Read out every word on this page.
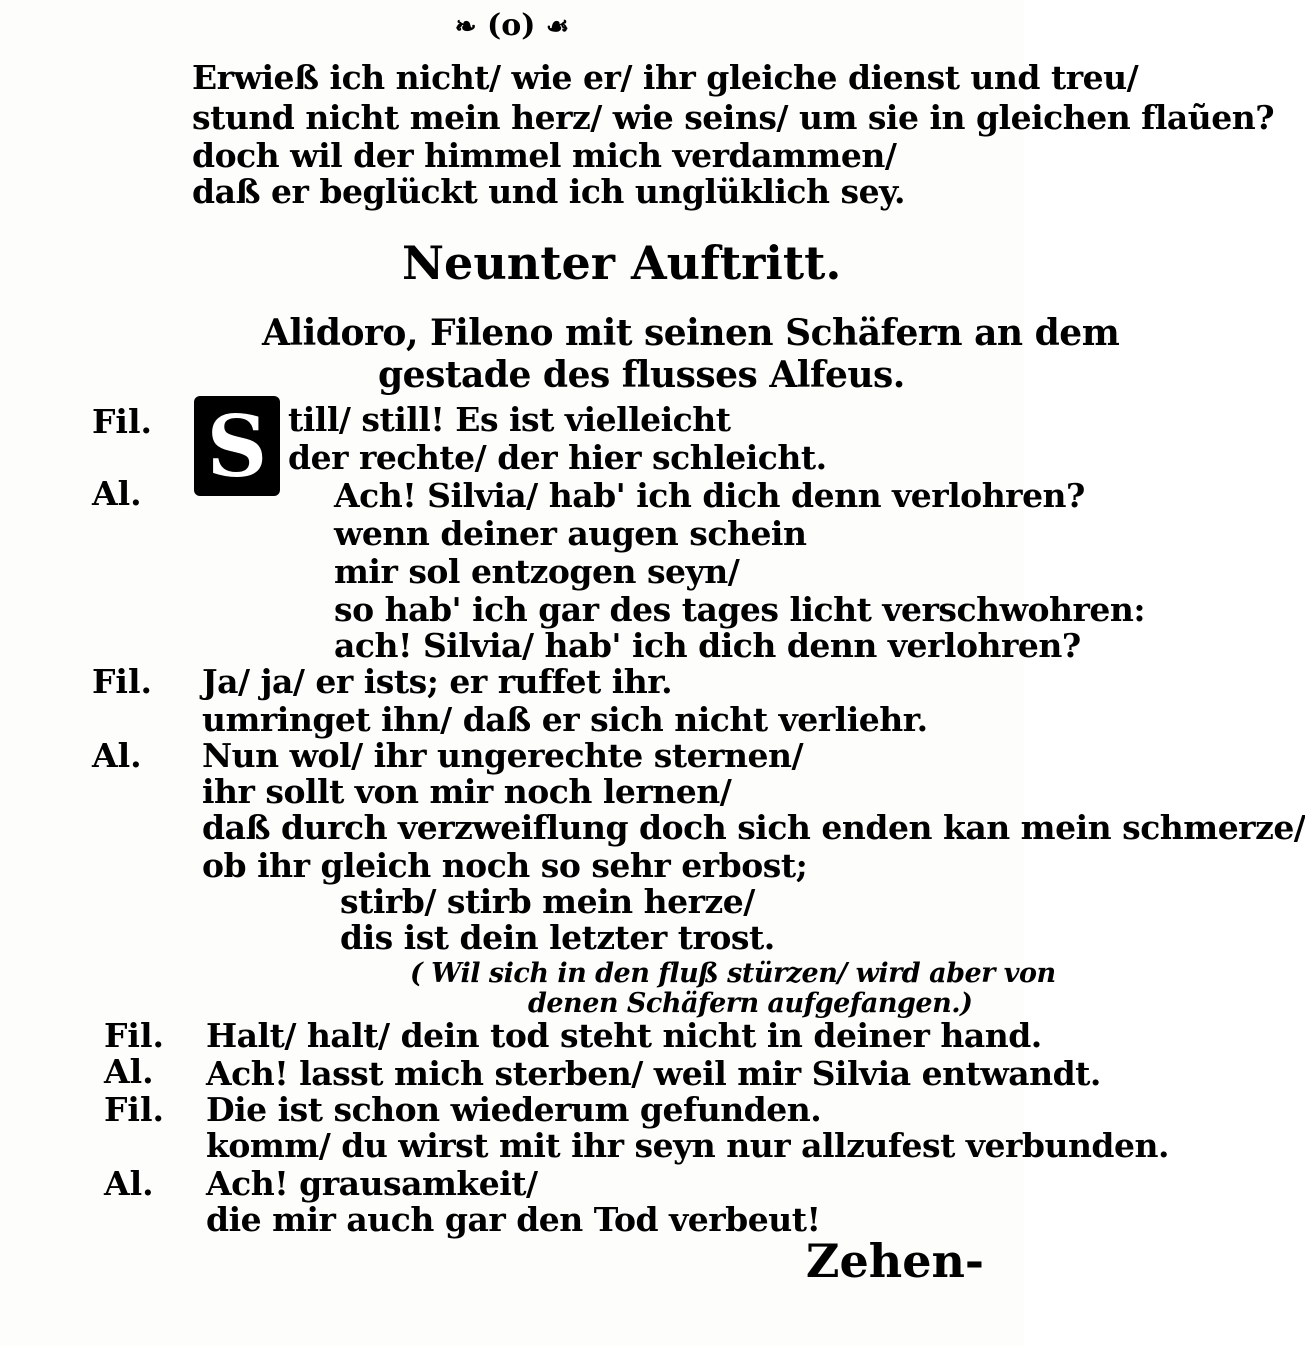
❧ (o) ☙
Erwieß ich nicht/ wie er/ ihr gleiche dienst und treu/
stund nicht mein herz/ wie seins/ um sie in gleichen flaũen?
doch wil der himmel mich verdammen/
daß er beglückt und ich unglüklich sey.
Neunter Auftritt.
Alidoro, Fileno mit seinen Schäfern an dem
gestade des flusses Alfeus.
Fil. S till/ still! Es ist vielleicht
der rechte/ der hier schleicht.
Al.	Ach! Silvia/ hab' ich dich denn verlohren?
wenn deiner augen schein
mir sol entzogen seyn/
so hab' ich gar des tages licht verschwohren:
ach! Silvia/ hab' ich dich denn verlohren?
Fil. Ja/ ja/ er ists; er ruffet ihr.
umringet ihn/ daß er sich nicht verliehr.
Al. Nun wol/ ihr ungerechte sternen/
ihr sollt von mir noch lernen/
daß durch verzweiflung doch sich enden kan mein schmerze/
ob ihr gleich noch so sehr erbost;
stirb/ stirb mein herze/
dis ist dein letzter trost.
( Wil sich in den fluß stürzen/ wird aber von
denen Schäfern aufgefangen.)
Fil. Halt/ halt/ dein tod steht nicht in deiner hand.
Al. Ach! lasst mich sterben/ weil mir Silvia entwandt.
Fil. Die ist schon wiederum gefunden.
komm/ du wirst mit ihr seyn nur allzufest verbunden.
Al. Ach! grausamkeit/
die mir auch gar den Tod verbeut!
Zehen-
